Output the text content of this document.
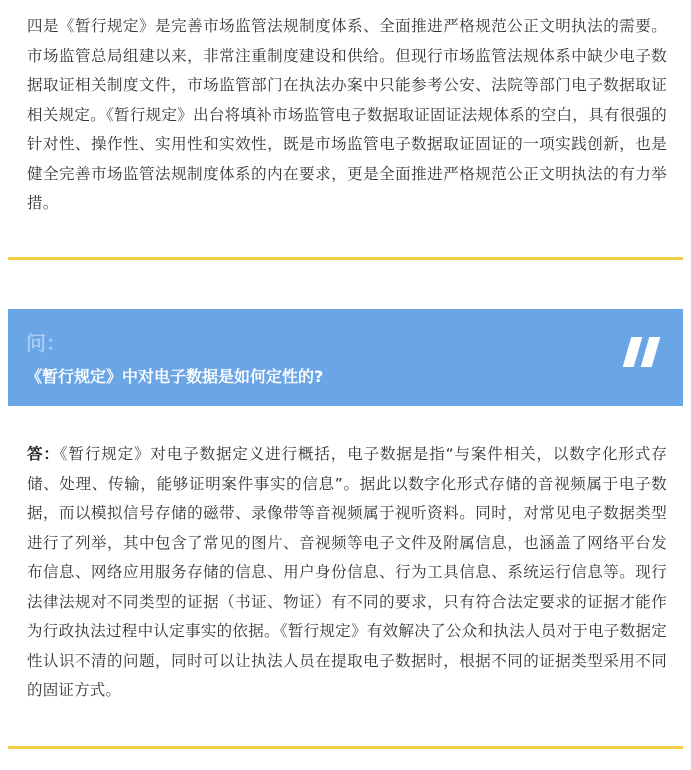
四是《暂行规定》是完善市场监管法规制度体系、全面推进严格规范公正文明执法的需要。市场监管总局组建以来，非常注重制度建设和供给。但现行市场监管法规体系中缺少电子数据取证相关制度文件，市场监管部门在执法办案中只能参考公安、法院等部门电子数据取证相关规定。《暂行规定》出台将填补市场监管电子数据取证固证法规体系的空白，具有很强的针对性、操作性、实用性和实效性，既是市场监管电子数据取证固证的一项实践创新，也是健全完善市场监管法规制度体系的内在要求，更是全面推进严格规范公正文明执法的有力举措。

问：
《暂行规定》中对电子数据是如何定性的?

答：《暂行规定》对电子数据定义进行概括，电子数据是指“与案件相关，以数字化形式存储、处理、传输，能够证明案件事实的信息”。据此以数字化形式存储的音视频属于电子数据，而以模拟信号存储的磁带、录像带等音视频属于视听资料。同时，对常见电子数据类型进行了列举，其中包含了常见的图片、音视频等电子文件及附属信息，也涵盖了网络平台发布信息、网络应用服务存储的信息、用户身份信息、行为工具信息、系统运行信息等。现行法律法规对不同类型的证据（书证、物证）有不同的要求，只有符合法定要求的证据才能作为行政执法过程中认定事实的依据。《暂行规定》有效解决了公众和执法人员对于电子数据定性认识不清的问题，同时可以让执法人员在提取电子数据时，根据不同的证据类型采用不同的固证方式。
